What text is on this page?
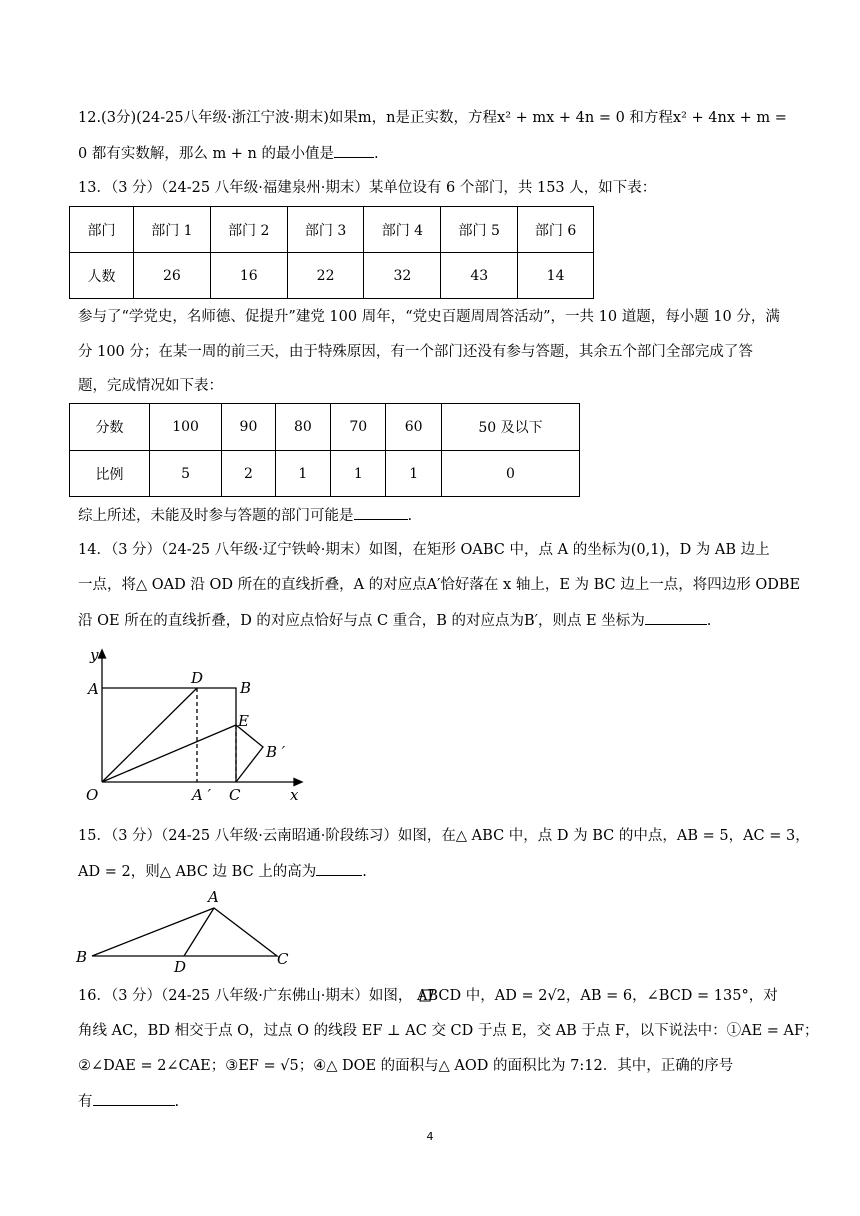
12.(3分)(24-25八年级·浙江宁波·期末)如果m，n是正实数，方程x² + mx + 4n = 0 和方程x² + 4nx + m =
0 都有实数解，那么 m + n 的最小值是	.
13．（3 分）（24-25 八年级·福建泉州·期末）某单位设有 6 个部门，共 153 人，如下表：
部门	部门 1	部门 2	部门 3	部门 4	部门 5	部门 6
人数	26	16	22	32	43	14
参与了“学党史，名师德、促提升”建党 100 周年，“党史百题周周答活动”，一共 10 道题，每小题 10 分，满
分 100 分；在某一周的前三天，由于特殊原因，有一个部门还没有参与答题，其余五个部门全部完成了答
题，完成情况如下表：
分数	100	90	80	70	60	50 及以下
比例	5	2	1	1	1	0
综上所述，未能及时参与答题的部门可能是	.
14．（3 分）（24-25 八年级·辽宁铁岭·期末）如图，在矩形 OABC 中，点 A 的坐标为(0,1)，D 为 AB 边上
一点，将△ OAD 沿 OD 所在的直线折叠，A 的对应点A′恰好落在 x 轴上，E 为 BC 边上一点，将四边形 ODBE
沿 OE 所在的直线折叠，D 的对应点恰好与点 C 重合，B 的对应点为B′，则点 E 坐标为	.
y
A
D
B
E
B ′
O	A ′ C	x
15．（3 分）（24-25 八年级·云南昭通·阶段练习）如图，在△ ABC 中，点 D 为 BC 的中点，AB = 5，AC = 3，
AD = 2，则△ ABC 边 BC 上的高为	.
A
B	C
D
16．（3 分）（24-25 八年级·广东佛山·期末）如图， ABCD 中，AD = 2√2，AB = 6，∠BCD = 135°，对
角线 AC，BD 相交于点 O，过点 O 的线段 EF ⊥ AC 交 CD 于点 E，交 AB 于点 F，以下说法中：①AE = AF；
②∠DAE = 2∠CAE；③EF = √5；④△ DOE 的面积与△ AOD 的面积比为 7:12．其中，正确的序号
有	.
4
